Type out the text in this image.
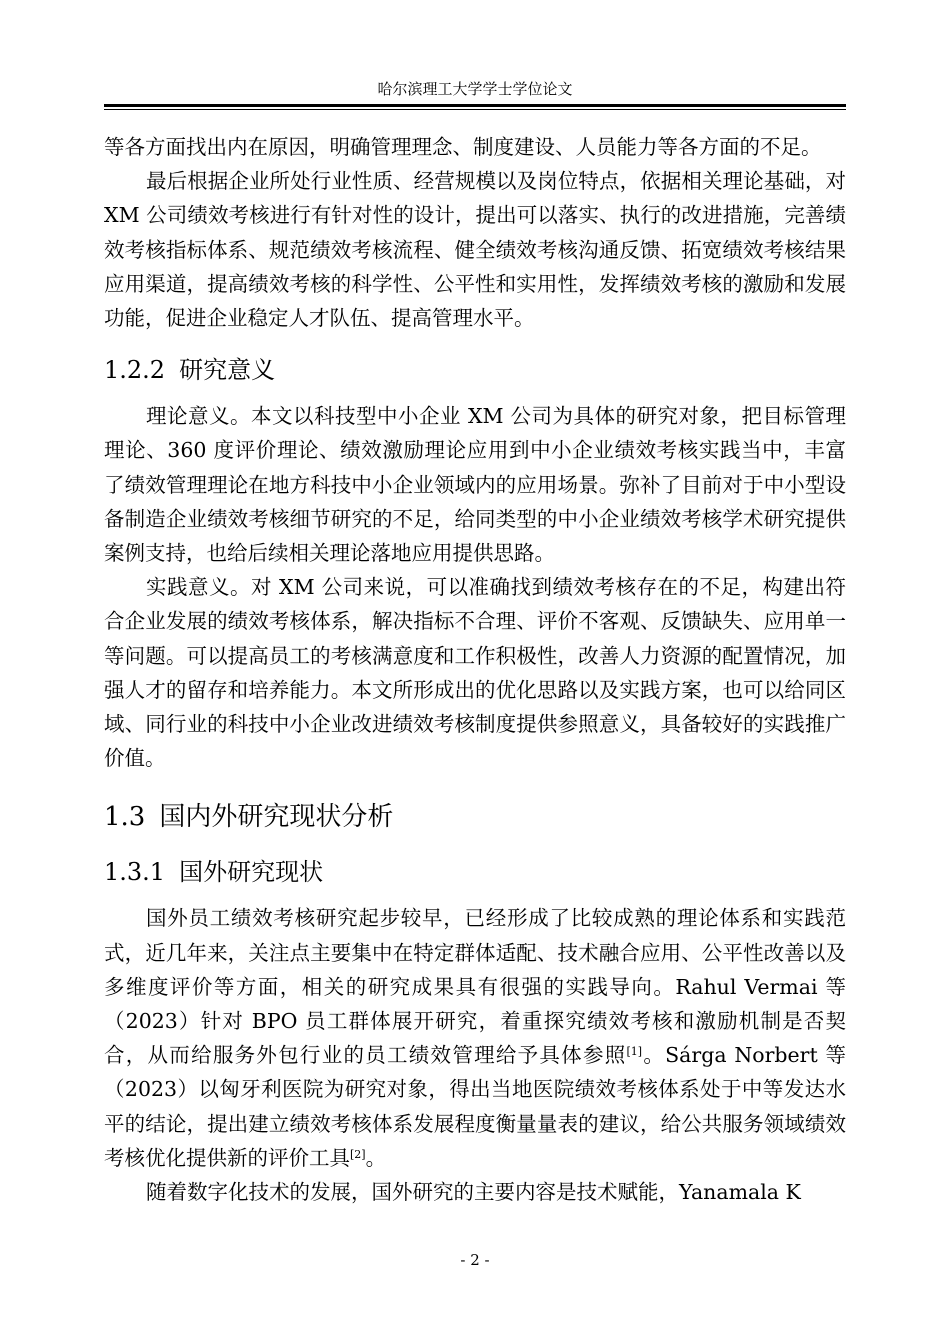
哈尔滨理工大学学士学位论文

等各方面找出内在原因，明确管理理念、制度建设、人员能力等各方面的不足。

最后根据企业所处行业性质、经营规模以及岗位特点，依据相关理论基础，对 XM 公司绩效考核进行有针对性的设计，提出可以落实、执行的改进措施，完善绩效考核指标体系、规范绩效考核流程、健全绩效考核沟通反馈、拓宽绩效考核结果应用渠道，提高绩效考核的科学性、公平性和实用性，发挥绩效考核的激励和发展功能，促进企业稳定人才队伍、提高管理水平。

1.2.2 研究意义

理论意义。本文以科技型中小企业 XM 公司为具体的研究对象，把目标管理理论、360 度评价理论、绩效激励理论应用到中小企业绩效考核实践当中，丰富了绩效管理理论在地方科技中小企业领域内的应用场景。弥补了目前对于中小型设备制造企业绩效考核细节研究的不足，给同类型的中小企业绩效考核学术研究提供案例支持，也给后续相关理论落地应用提供思路。

实践意义。对 XM 公司来说，可以准确找到绩效考核存在的不足，构建出符合企业发展的绩效考核体系，解决指标不合理、评价不客观、反馈缺失、应用单一等问题。可以提高员工的考核满意度和工作积极性，改善人力资源的配置情况，加强人才的留存和培养能力。本文所形成出的优化思路以及实践方案，也可以给同区域、同行业的科技中小企业改进绩效考核制度提供参照意义，具备较好的实践推广价值。

1.3 国内外研究现状分析
1.3.1 国外研究现状

国外员工绩效考核研究起步较早，已经形成了比较成熟的理论体系和实践范式，近几年来，关注点主要集中在特定群体适配、技术融合应用、公平性改善以及多维度评价等方面，相关的研究成果具有很强的实践导向。Rahul Vermai 等（2023）针对 BPO 员工群体展开研究，着重探究绩效考核和激励机制是否契合，从而给服务外包行业的员工绩效管理给予具体参照[1]。Sárga Norbert 等（2023）以匈牙利医院为研究对象，得出当地医院绩效考核体系处于中等发达水平的结论，提出建立绩效考核体系发展程度衡量量表的建议，给公共服务领域绩效考核优化提供新的评价工具[2]。

随着数字化技术的发展，国外研究的主要内容是技术赋能，Yanamala K

- 2 -
